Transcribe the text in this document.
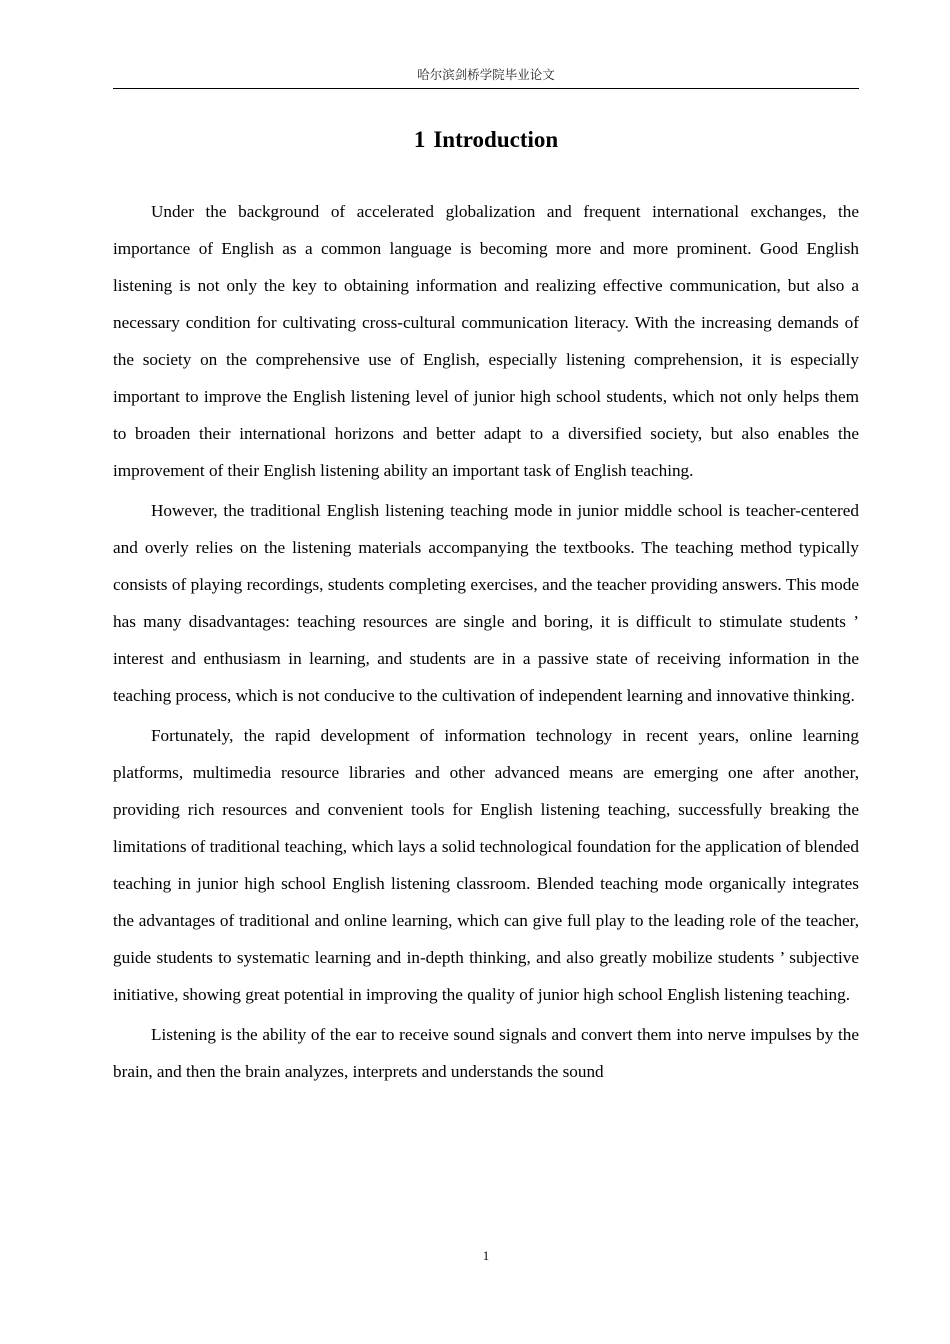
哈尔滨剑桥学院毕业论文
1 Introduction

Under the background of accelerated globalization and frequent international exchanges, the importance of English as a common language is becoming more and more prominent. Good English listening is not only the key to obtaining information and realizing effective communication, but also a necessary condition for cultivating cross-cultural communication literacy. With the increasing demands of the society on the comprehensive use of English, especially listening comprehension, it is especially important to improve the English listening level of junior high school students, which not only helps them to broaden their international horizons and better adapt to a diversified society, but also enables the improvement of their English listening ability an important task of English teaching.

However, the traditional English listening teaching mode in junior middle school is teacher-centered and overly relies on the listening materials accompanying the textbooks. The teaching method typically consists of playing recordings, students completing exercises, and the teacher providing answers. This mode has many disadvantages: teaching resources are single and boring, it is difficult to stimulate students ’ interest and enthusiasm in learning, and students are in a passive state of receiving information in the teaching process, which is not conducive to the cultivation of independent learning and innovative thinking.

Fortunately, the rapid development of information technology in recent years, online learning platforms, multimedia resource libraries and other advanced means are emerging one after another, providing rich resources and convenient tools for English listening teaching, successfully breaking the limitations of traditional teaching, which lays a solid technological foundation for the application of blended teaching in junior high school English listening classroom. Blended teaching mode organically integrates the advantages of traditional and online learning, which can give full play to the leading role of the teacher, guide students to systematic learning and in-depth thinking, and also greatly mobilize students ’ subjective initiative, showing great potential in improving the quality of junior high school English listening teaching.

Listening is the ability of the ear to receive sound signals and convert them into nerve impulses by the brain, and then the brain analyzes, interprets and understands the sound

1
